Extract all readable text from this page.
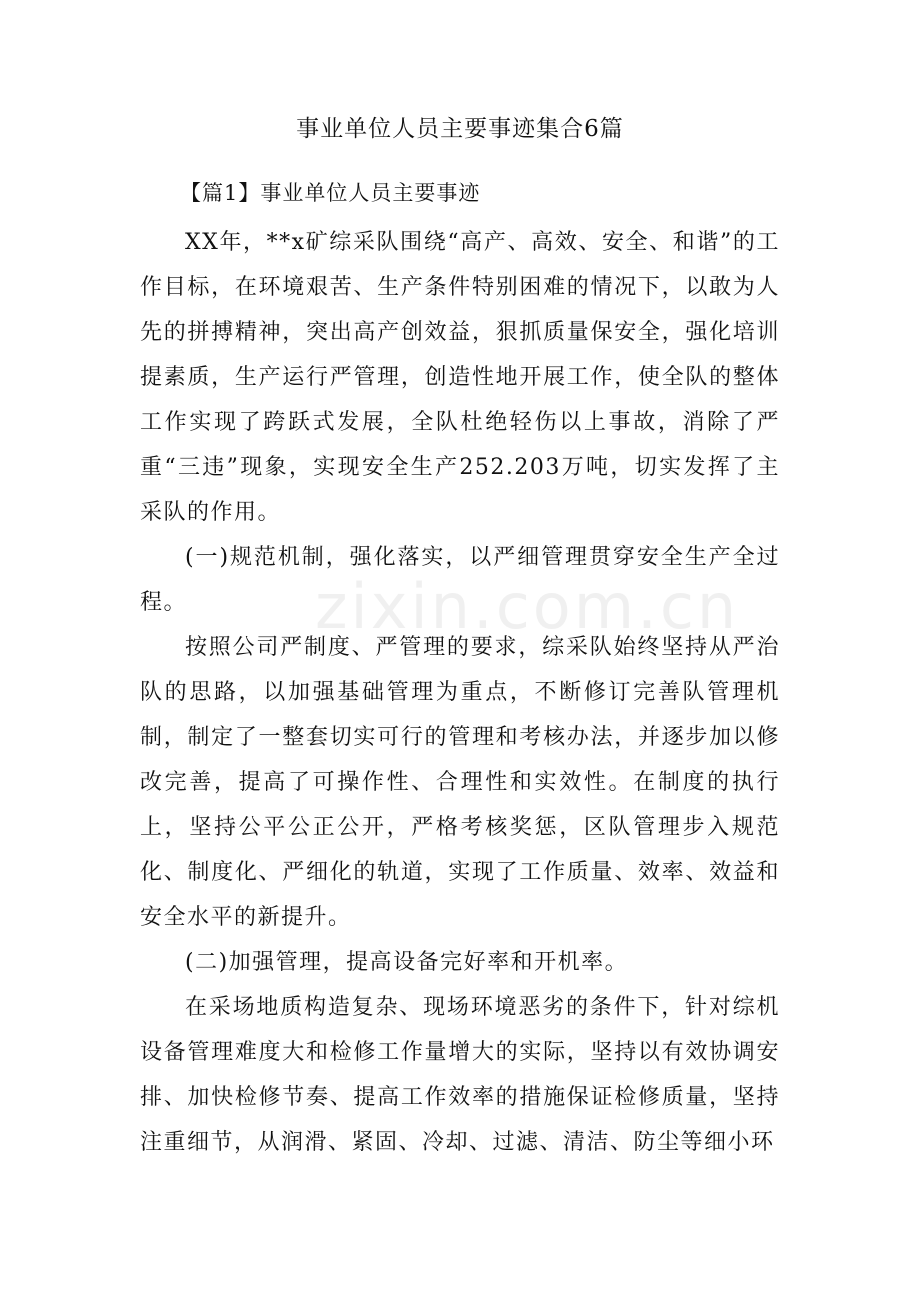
事业单位人员主要事迹集合6篇
【篇1】事业单位人员主要事迹

XX年，**x矿综采队围绕“高产、高效、安全、和谐”的工作目标，在环境艰苦、生产条件特别困难的情况下，以敢为人先的拼搏精神，突出高产创效益，狠抓质量保安全，强化培训提素质，生产运行严管理，创造性地开展工作，使全队的整体工作实现了跨跃式发展，全队杜绝轻伤以上事故，消除了严重“三违”现象，实现安全生产252.203万吨，切实发挥了主采队的作用。

(一)规范机制，强化落实，以严细管理贯穿安全生产全过程。

按照公司严制度、严管理的要求，综采队始终坚持从严治队的思路，以加强基础管理为重点，不断修订完善队管理机制，制定了一整套切实可行的管理和考核办法，并逐步加以修改完善，提高了可操作性、合理性和实效性。在制度的执行上，坚持公平公正公开，严格考核奖惩，区队管理步入规范化、制度化、严细化的轨道，实现了工作质量、效率、效益和安全水平的新提升。

(二)加强管理，提高设备完好率和开机率。

在采场地质构造复杂、现场环境恶劣的条件下，针对综机设备管理难度大和检修工作量增大的实际，坚持以有效协调安排、加快检修节奏、提高工作效率的措施保证检修质量，坚持注重细节，从润滑、紧固、冷却、过滤、清洁、防尘等细小环

zixin.com.cn
